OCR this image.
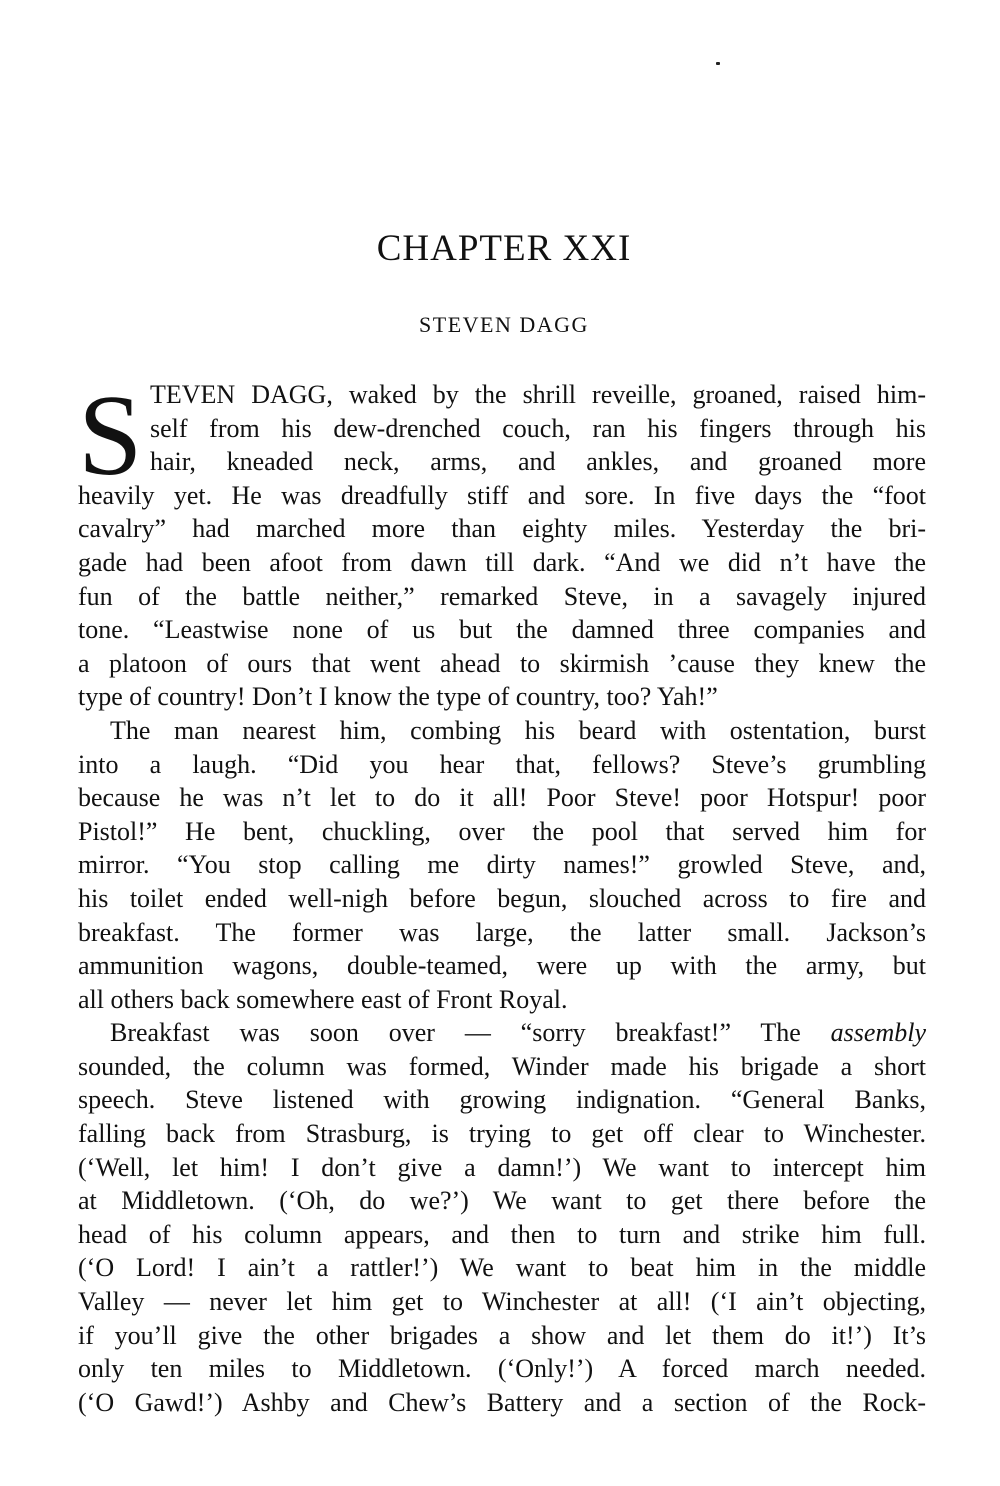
CHAPTER XXI
STEVEN DAGG
S TEVEN DAGG, waked by the shrill reveille, groaned, raised him-
self from his dew-drenched couch, ran his fingers through his
hair, kneaded neck, arms, and ankles, and groaned more
heavily yet. He was dreadfully stiff and sore. In five days the “foot
cavalry” had marched more than eighty miles. Yesterday the bri-
gade had been afoot from dawn till dark. “And we did n’t have the
fun of the battle neither,” remarked Steve, in a savagely injured
tone. “Leastwise none of us but the damned three companies and
a platoon of ours that went ahead to skirmish ’cause they knew the
type of country! Don’t I know the type of country, too? Yah!”
The man nearest him, combing his beard with ostentation, burst
into a laugh. “Did you hear that, fellows? Steve’s grumbling
because he was n’t let to do it all! Poor Steve! poor Hotspur! poor
Pistol!” He bent, chuckling, over the pool that served him for
mirror. “You stop calling me dirty names!” growled Steve, and,
his toilet ended well-nigh before begun, slouched across to fire and
breakfast. The former was large, the latter small. Jackson’s
ammunition wagons, double-teamed, were up with the army, but
all others back somewhere east of Front Royal.
Breakfast was soon over — “sorry breakfast!” The assembly
sounded, the column was formed, Winder made his brigade a short
speech. Steve listened with growing indignation. “General Banks,
falling back from Strasburg, is trying to get off clear to Winchester.
(‘Well, let him! I don’t give a damn!’) We want to intercept him
at Middletown. (‘Oh, do we?’) We want to get there before the
head of his column appears, and then to turn and strike him full.
(‘O Lord! I ain’t a rattler!’) We want to beat him in the middle
Valley — never let him get to Winchester at all! (‘I ain’t objecting,
if you’ll give the other brigades a show and let them do it!’) It’s
only ten miles to Middletown. (‘Only!’) A forced march needed.
(‘O Gawd!’) Ashby and Chew’s Battery and a section of the Rock-
